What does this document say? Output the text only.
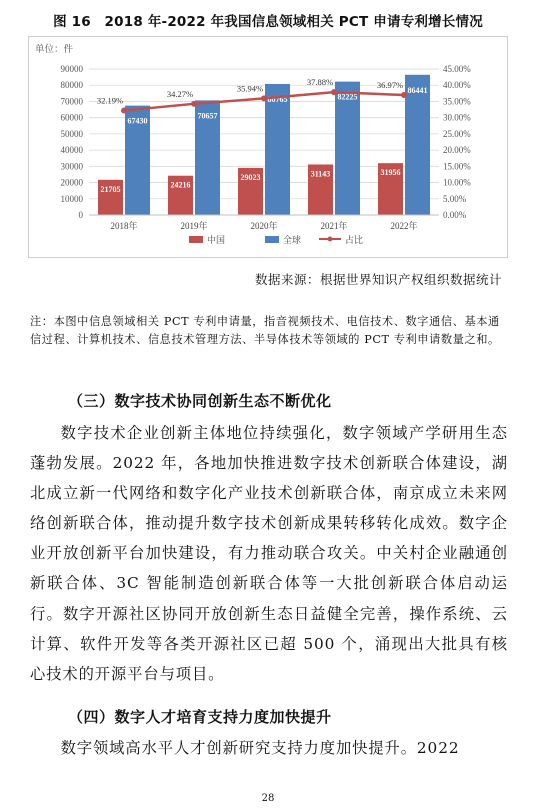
图 16　2018 年-2022 年我国信息领域相关 PCT 申请专利增长情况
单位：件
0
10000
20000
30000
40000
50000
60000
70000
80000
90000
0.00%
5.00%
10.00%
15.00%
20.00%
25.00%
30.00%
35.00%
40.00%
45.00%
21705
67430
2018年
24216
70657
2019年
29023
80765
2020年
31143
82225
2021年
31956
86441
2022年
32.19%
34.27%
35.94%
37.88%	36.97%
中国	全球	占比
数据来源：根据世界知识产权组织数据统计
注：本图中信息领域相关 PCT 专利申请量，指音视频技术、电信技术、数字通信、基本通信过程、计算机技术、信息技术管理方法、半导体技术等领域的 PCT 专利申请数量之和。
（三）数字技术协同创新生态不断优化

数字技术企业创新主体地位持续强化，数字领域产学研用生态蓬勃发展。2022 年，各地加快推进数字技术创新联合体建设，湖北成立新一代网络和数字化产业技术创新联合体，南京成立未来网络创新联合体，推动提升数字技术创新成果转移转化成效。数字企业开放创新平台加快建设，有力推动联合攻关。中关村企业融通创新联合体、3C 智能制造创新联合体等一大批创新联合体启动运行。数字开源社区协同开放创新生态日益健全完善，操作系统、云计算、软件开发等各类开源社区已超 500 个，涌现出大批具有核心技术的开源平台与项目。

（四）数字人才培育支持力度加快提升

数字领域高水平人才创新研究支持力度加快提升。2022

28
